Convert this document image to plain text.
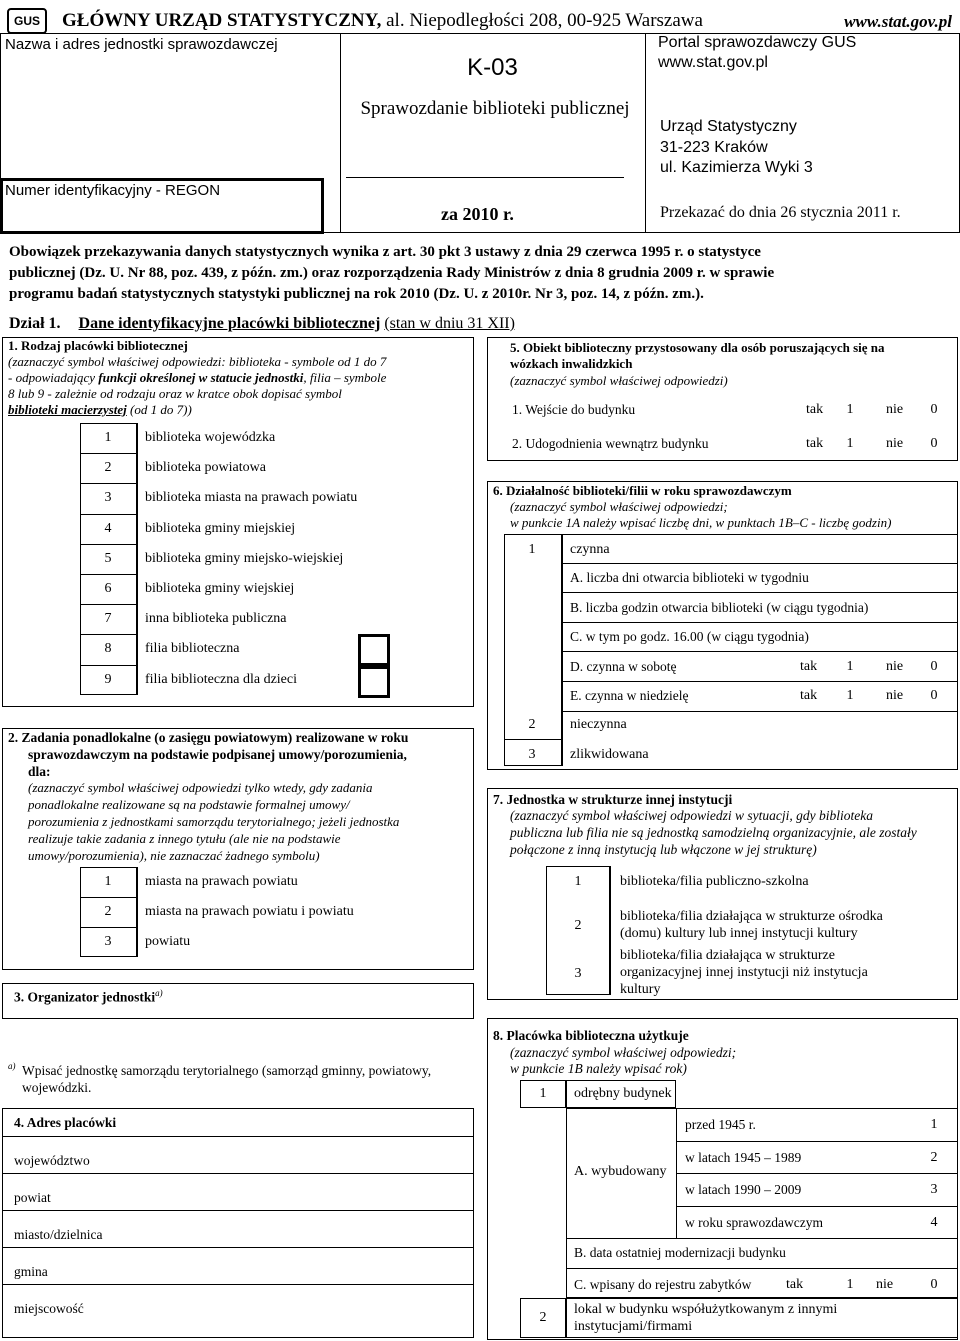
GUS	GŁÓWNY URZĄD STATYSTYCZNY, al. Niepodległości 208, 00-925 Warszawa	www.stat.gov.pl
Nazwa i adres jednostki sprawozdawczej
Numer identyfikacyjny - REGON
K-03
Sprawozdanie biblioteki publicznej
za 2010 r.
Portal sprawozdawczy GUS
www.stat.gov.pl
Urząd Statystyczny
31-223 Kraków
ul. Kazimierza Wyki 3
Przekazać do dnia 26 stycznia 2011 r.
Obowiązek przekazywania danych statystycznych wynika z art. 30 pkt 3 ustawy z dnia 29 czerwca 1995 r. o statystyce
publicznej (Dz. U. Nr 88, poz. 439, z późn. zm.) oraz rozporządzenia Rady Ministrów z dnia 8 grudnia 2009 r. w sprawie
programu badań statystycznych statystyki publicznej na rok 2010 (Dz. U. z 2010r. Nr 3, poz. 14, z późn. zm.).
Dział 1. Dane identyfikacyjne placówki bibliotecznej (stan w dniu 31 XII)
1. Rodzaj placówki bibliotecznej
(zaznaczyć symbol właściwej odpowiedzi: biblioteka - symbole od 1 do 7
- odpowiadający funkcji określonej w statucie jednostki, filia – symbole
8 lub 9 - zależnie od rodzaju oraz w kratce obok dopisać symbol
biblioteki macierzystej (od 1 do 7))
1	biblioteka wojewódzka
2	biblioteka powiatowa
3	biblioteka miasta na prawach powiatu
4	biblioteka gminy miejskiej
5	biblioteka gminy miejsko-wiejskiej
6	biblioteka gminy wiejskiej
7	inna biblioteka publiczna
8	filia biblioteczna
9	filia biblioteczna dla dzieci
2. Zadania ponadlokalne (o zasięgu powiatowym) realizowane w roku
sprawozdawczym na podstawie podpisanej umowy/porozumienia,
dla:
(zaznaczyć symbol właściwej odpowiedzi tylko wtedy, gdy zadania
ponadlokalne realizowane są na podstawie formalnej umowy/
porozumienia z jednostkami samorządu terytorialnego; jeżeli jednostka
realizuje takie zadania z innego tytułu (ale nie na podstawie
umowy/porozumienia), nie zaznaczać żadnego symbolu)
1	miasta na prawach powiatu
2	miasta na prawach powiatu i powiatu
3	powiatu
3. Organizator jednostki$^{a)}$
a) Wpisać jednostkę samorządu terytorialnego (samorząd gminny, powiatowy,
wojewódzki.
4. Adres placówki
województwo
powiat
miasto/dzielnica
gmina
miejscowość
5. Obiekt biblioteczny przystosowany dla osób poruszających się na
wózkach inwalidzkich
(zaznaczyć symbol właściwej odpowiedzi)
1. Wejście do budynku	tak	1	nie	0
2. Udogodnienia wewnątrz budynku	tak	1	nie	0
6. Działalność biblioteki/filii w roku sprawozdawczym
(zaznaczyć symbol właściwej odpowiedzi;
w punkcie 1A należy wpisać liczbę dni, w punktach 1B–C - liczbę godzin)
1	czynna
A. liczba dni otwarcia biblioteki w tygodniu
B. liczba godzin otwarcia biblioteki (w ciągu tygodnia)
C. w tym po godz. 16.00 (w ciągu tygodnia)
D. czynna w sobotę	tak	1	nie	0
E. czynna w niedzielę	tak	1	nie	0
2	nieczynna
3	zlikwidowana
7. Jednostka w strukturze innej instytucji
(zaznaczyć symbol właściwej odpowiedzi w sytuacji, gdy biblioteka
publiczna lub filia nie są jednostką samodzielną organizacyjnie, ale zostały
połączone z inną instytucją lub włączone w jej strukturę)
1	biblioteka/filia publiczno-szkolna
2
biblioteka/filia działająca w strukturze ośrodka
(domu) kultury lub innej instytucji kultury
3
biblioteka/filia działająca w strukturze
organizacyjnej innej instytucji niż instytucja
kultury
8. Placówka biblioteczna użytkuje
(zaznaczyć symbol właściwej odpowiedzi;
w punkcie 1B należy wpisać rok)
1	odrębny budynek
A. wybudowany
przed 1945 r.	1
w latach 1945 – 1989	2
w latach 1990 – 2009	3
w roku sprawozdawczym	4
B. data ostatniej modernizacji budynku
C. wpisany do rejestru zabytków tak	1	nie	0
2
lokal w budynku współużytkowanym z innymi
instytucjami/firmami
